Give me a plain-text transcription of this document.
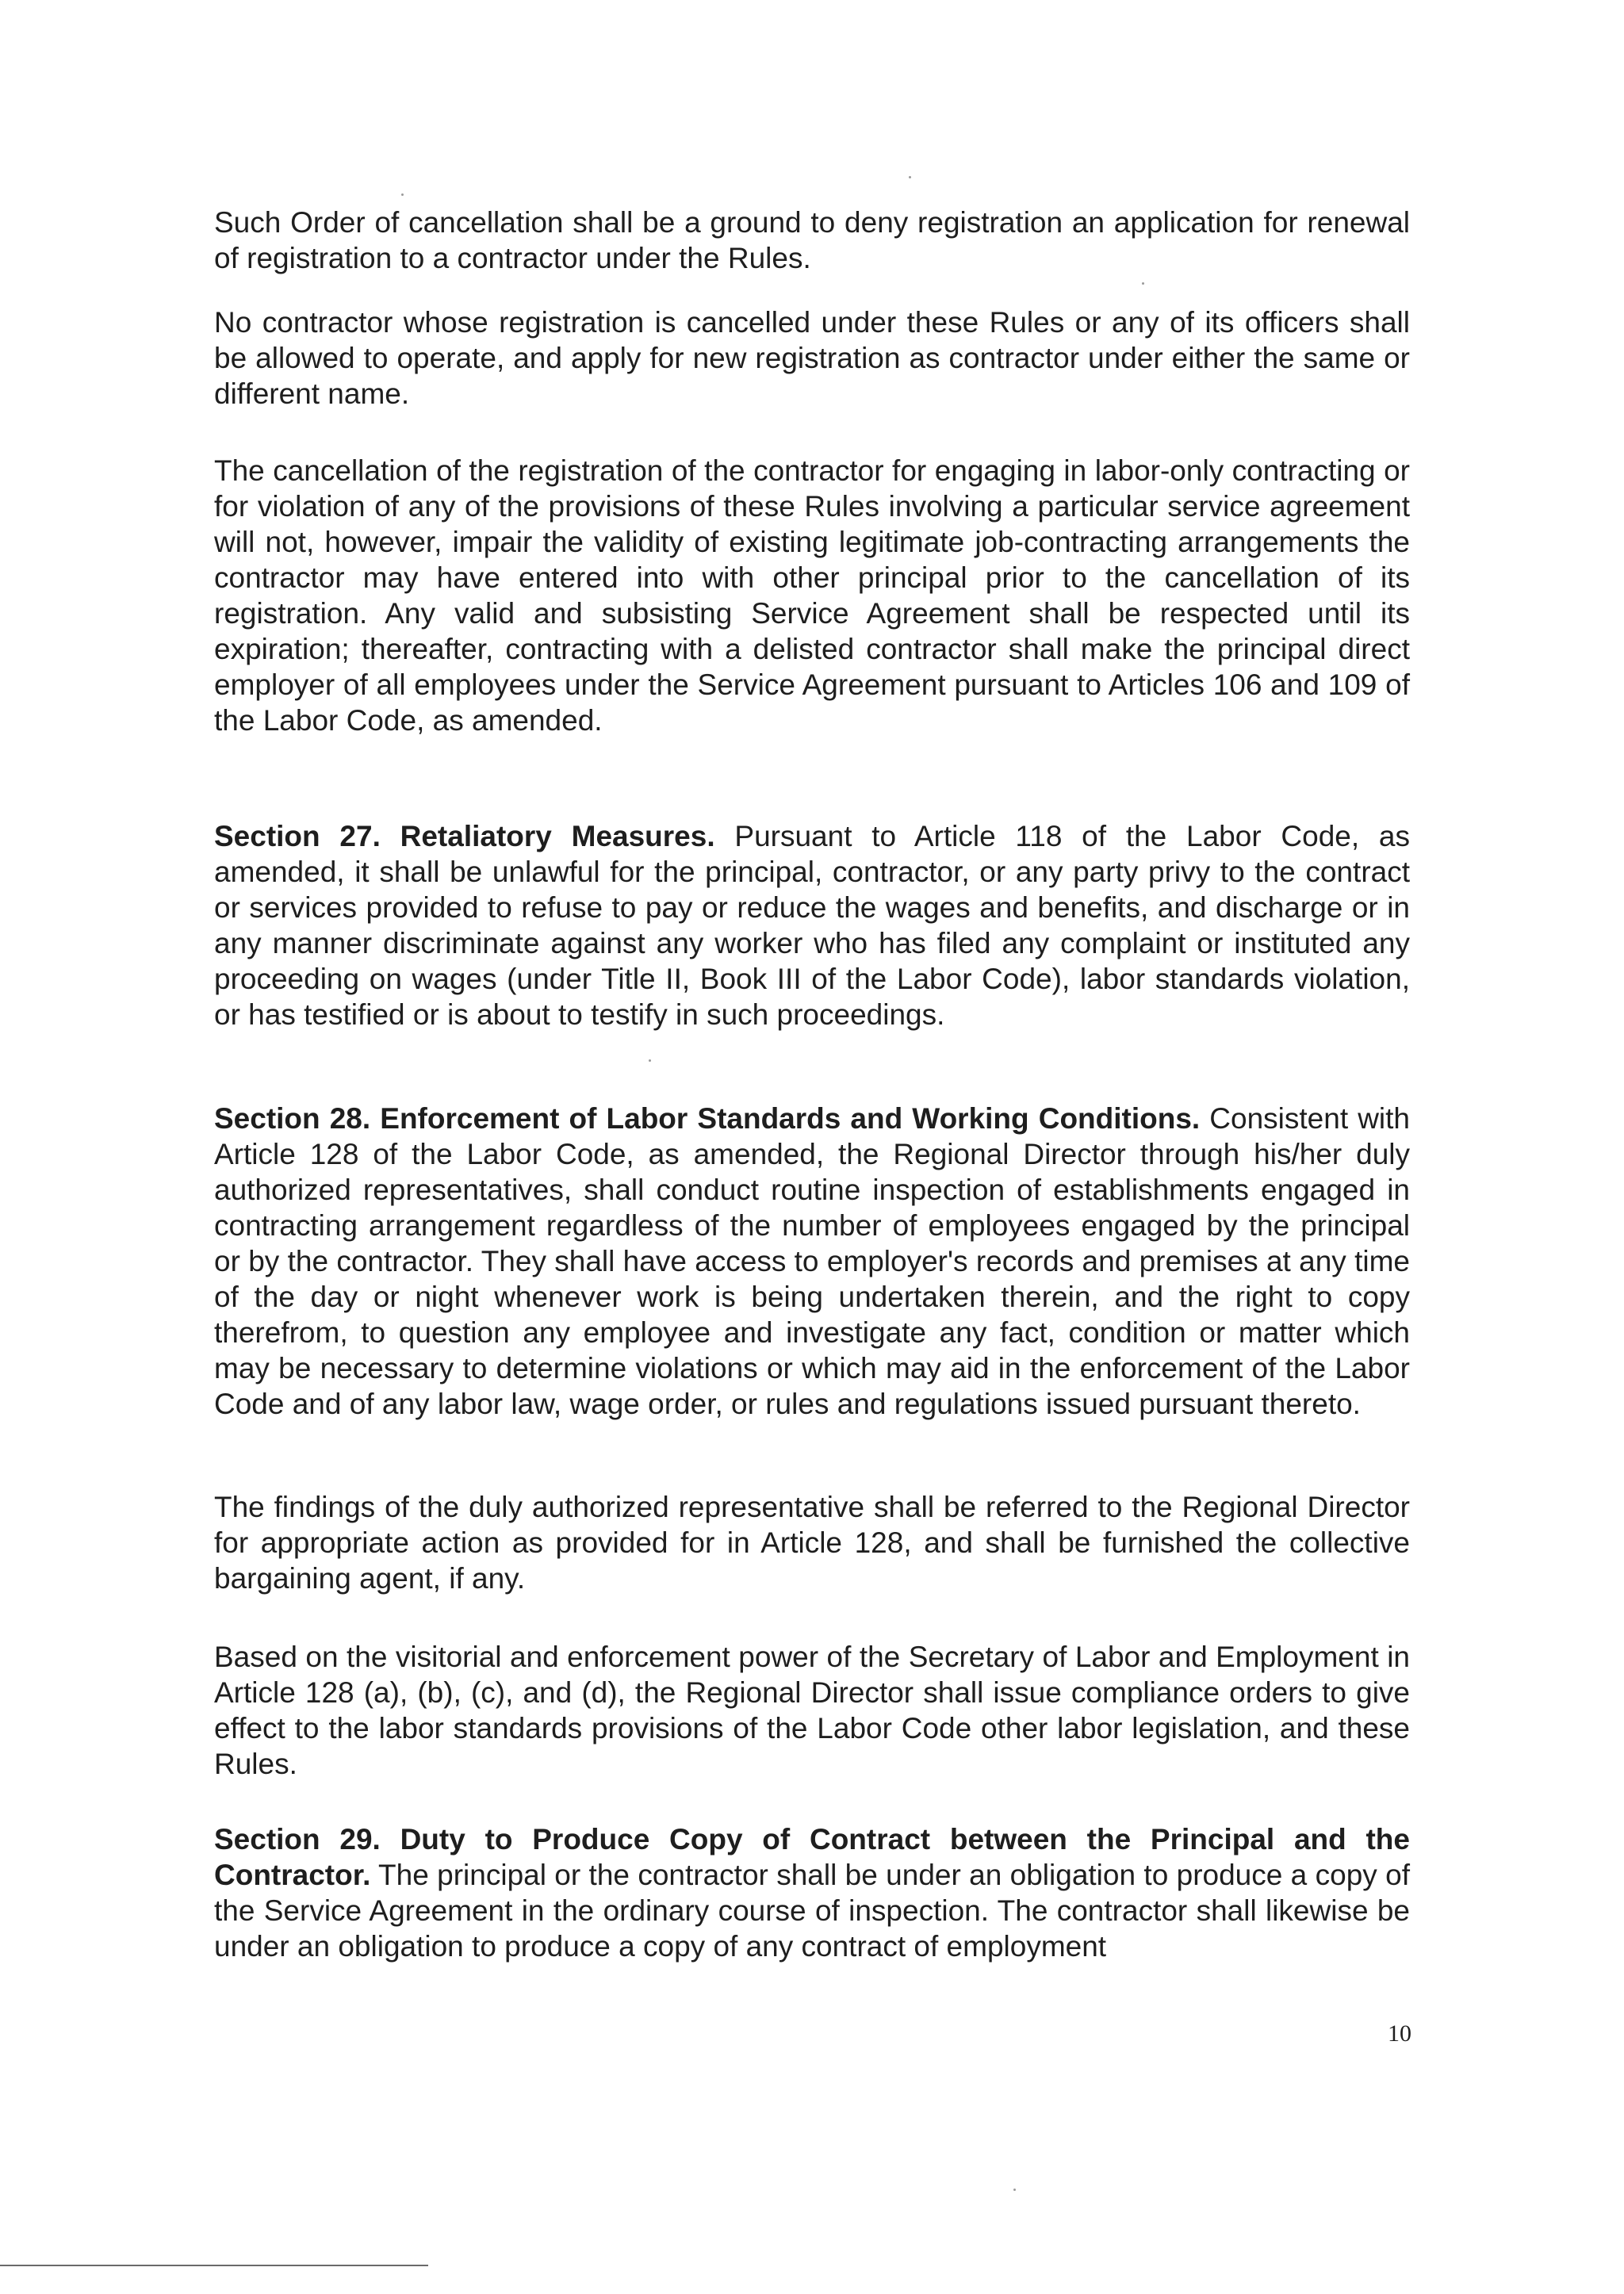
Such Order of cancellation shall be a ground to deny registration an application for renewal of registration to a contractor under the Rules.

No contractor whose registration is cancelled under these Rules or any of its officers shall be allowed to operate, and apply for new registration as contractor under either the same or different name.

The cancellation of the registration of the contractor for engaging in labor-only contracting or for violation of any of the provisions of these Rules involving a particular service agreement will not, however, impair the validity of existing legitimate job-contracting arrangements the contractor may have entered into with other principal prior to the cancellation of its registration. Any valid and subsisting Service Agreement shall be respected until its expiration; thereafter, contracting with a delisted contractor shall make the principal direct employer of all employees under the Service Agreement pursuant to Articles 106 and 109 of the Labor Code, as amended.

Section 27. Retaliatory Measures. Pursuant to Article 118 of the Labor Code, as amended, it shall be unlawful for the principal, contractor, or any party privy to the contract or services provided to refuse to pay or reduce the wages and benefits, and discharge or in any manner discriminate against any worker who has filed any complaint or instituted any proceeding on wages (under Title II, Book III of the Labor Code), labor standards violation, or has testified or is about to testify in such proceedings.

Section 28. Enforcement of Labor Standards and Working Conditions. Consistent with Article 128 of the Labor Code, as amended, the Regional Director through his/her duly authorized representatives, shall conduct routine inspection of establishments engaged in contracting arrangement regardless of the number of employees engaged by the principal or by the contractor. They shall have access to employer's records and premises at any time of the day or night whenever work is being undertaken therein, and the right to copy therefrom, to question any employee and investigate any fact, condition or matter which may be necessary to determine violations or which may aid in the enforcement of the Labor Code and of any labor law, wage order, or rules and regulations issued pursuant thereto.

The findings of the duly authorized representative shall be referred to the Regional Director for appropriate action as provided for in Article 128, and shall be furnished the collective bargaining agent, if any.

Based on the visitorial and enforcement power of the Secretary of Labor and Employment in Article 128 (a), (b), (c), and (d), the Regional Director shall issue compliance orders to give effect to the labor standards provisions of the Labor Code other labor legislation, and these Rules.

Section 29. Duty to Produce Copy of Contract between the Principal and the Contractor. The principal or the contractor shall be under an obligation to produce a copy of the Service Agreement in the ordinary course of inspection. The contractor shall likewise be under an obligation to produce a copy of any contract of employment

10
